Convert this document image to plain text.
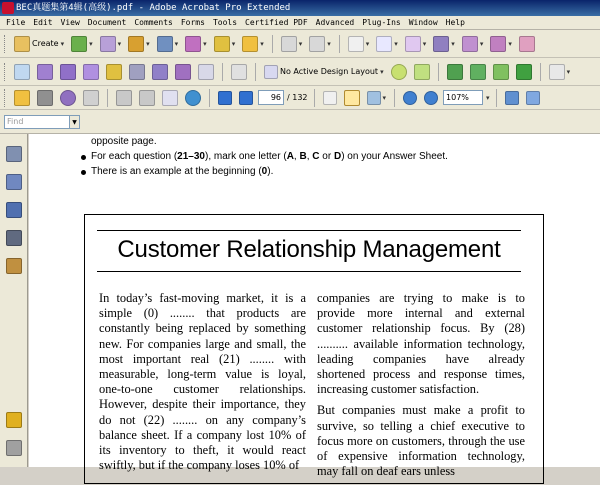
BEC真题集第4辑(高级).pdf - Adobe Acrobat Pro Extended
File	Edit	View	Document	Comments	Forms	Tools	Certified PDF	Advanced	Plug-Ins	Window	Help
Create ▾	▾	▾	▾	▾	▾	▾	▾	▾	▾	▾	▾	▾	▾	▾	▾
No Active Design Layout ▾	▾
96 / 132	▾	107%	▾
Find	▼
opposite page.
For each question (21–30), mark one letter (A, B, C or D) on your Answer Sheet.
There is an example at the beginning (0).
Customer Relationship Management

In today’s fast-moving market, it is a simple (0) ........ that products are constantly being replaced by something new. For companies large and small, the most important real (21) ........ with measurable, long-term value is loyal, one-to-one customer relationships. However, despite their importance, they do not (22) ........ on any company’s balance sheet. If a company lost 10% of its inventory to theft, it would react swiftly, but if the company loses 10% of

companies are trying to make is to provide more internal and external customer relationship focus. By (28) .......... available information technology, leading companies have already shortened process and response times, increasing customer satisfaction.

But companies must make a profit to survive, so telling a chief executive to focus more on customers, through the use of expensive information technology, may fall on deaf ears unless
